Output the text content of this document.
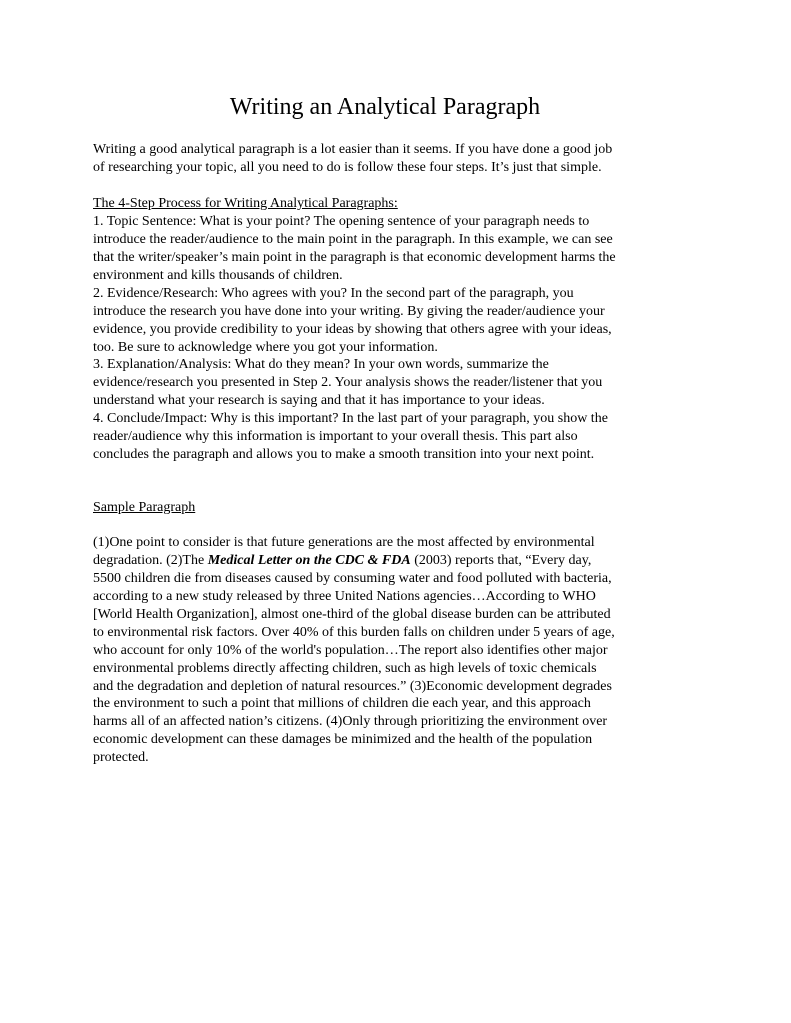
Writing an Analytical Paragraph

Writing a good analytical paragraph is a lot easier than it seems. If you have done a good job

of researching your topic, all you need to do is follow these four steps. It’s just that simple.

The 4-Step Process for Writing Analytical Paragraphs:

1. Topic Sentence: What is your point? The opening sentence of your paragraph needs to

introduce the reader/audience to the main point in the paragraph. In this example, we can see

that the writer/speaker’s main point in the paragraph is that economic development harms the

environment and kills thousands of children.

2. Evidence/Research: Who agrees with you? In the second part of the paragraph, you

introduce the research you have done into your writing. By giving the reader/audience your

evidence, you provide credibility to your ideas by showing that others agree with your ideas,

too. Be sure to acknowledge where you got your information.

3. Explanation/Analysis: What do they mean? In your own words, summarize the

evidence/research you presented in Step 2. Your analysis shows the reader/listener that you

understand what your research is saying and that it has importance to your ideas.

4. Conclude/Impact: Why is this important? In the last part of your paragraph, you show the

reader/audience why this information is important to your overall thesis. This part also

concludes the paragraph and allows you to make a smooth transition into your next point.

Sample Paragraph

(1)One point to consider is that future generations are the most affected by environmental

degradation. (2)The Medical Letter on the CDC & FDA (2003) reports that, “Every day,

5500 children die from diseases caused by consuming water and food polluted with bacteria,

according to a new study released by three United Nations agencies…According to WHO

[World Health Organization], almost one-third of the global disease burden can be attributed

to environmental risk factors. Over 40% of this burden falls on children under 5 years of age,

who account for only 10% of the world's population…The report also identifies other major

environmental problems directly affecting children, such as high levels of toxic chemicals

and the degradation and depletion of natural resources.” (3)Economic development degrades

the environment to such a point that millions of children die each year, and this approach

harms all of an affected nation’s citizens. (4)Only through prioritizing the environment over

economic development can these damages be minimized and the health of the population

protected.
